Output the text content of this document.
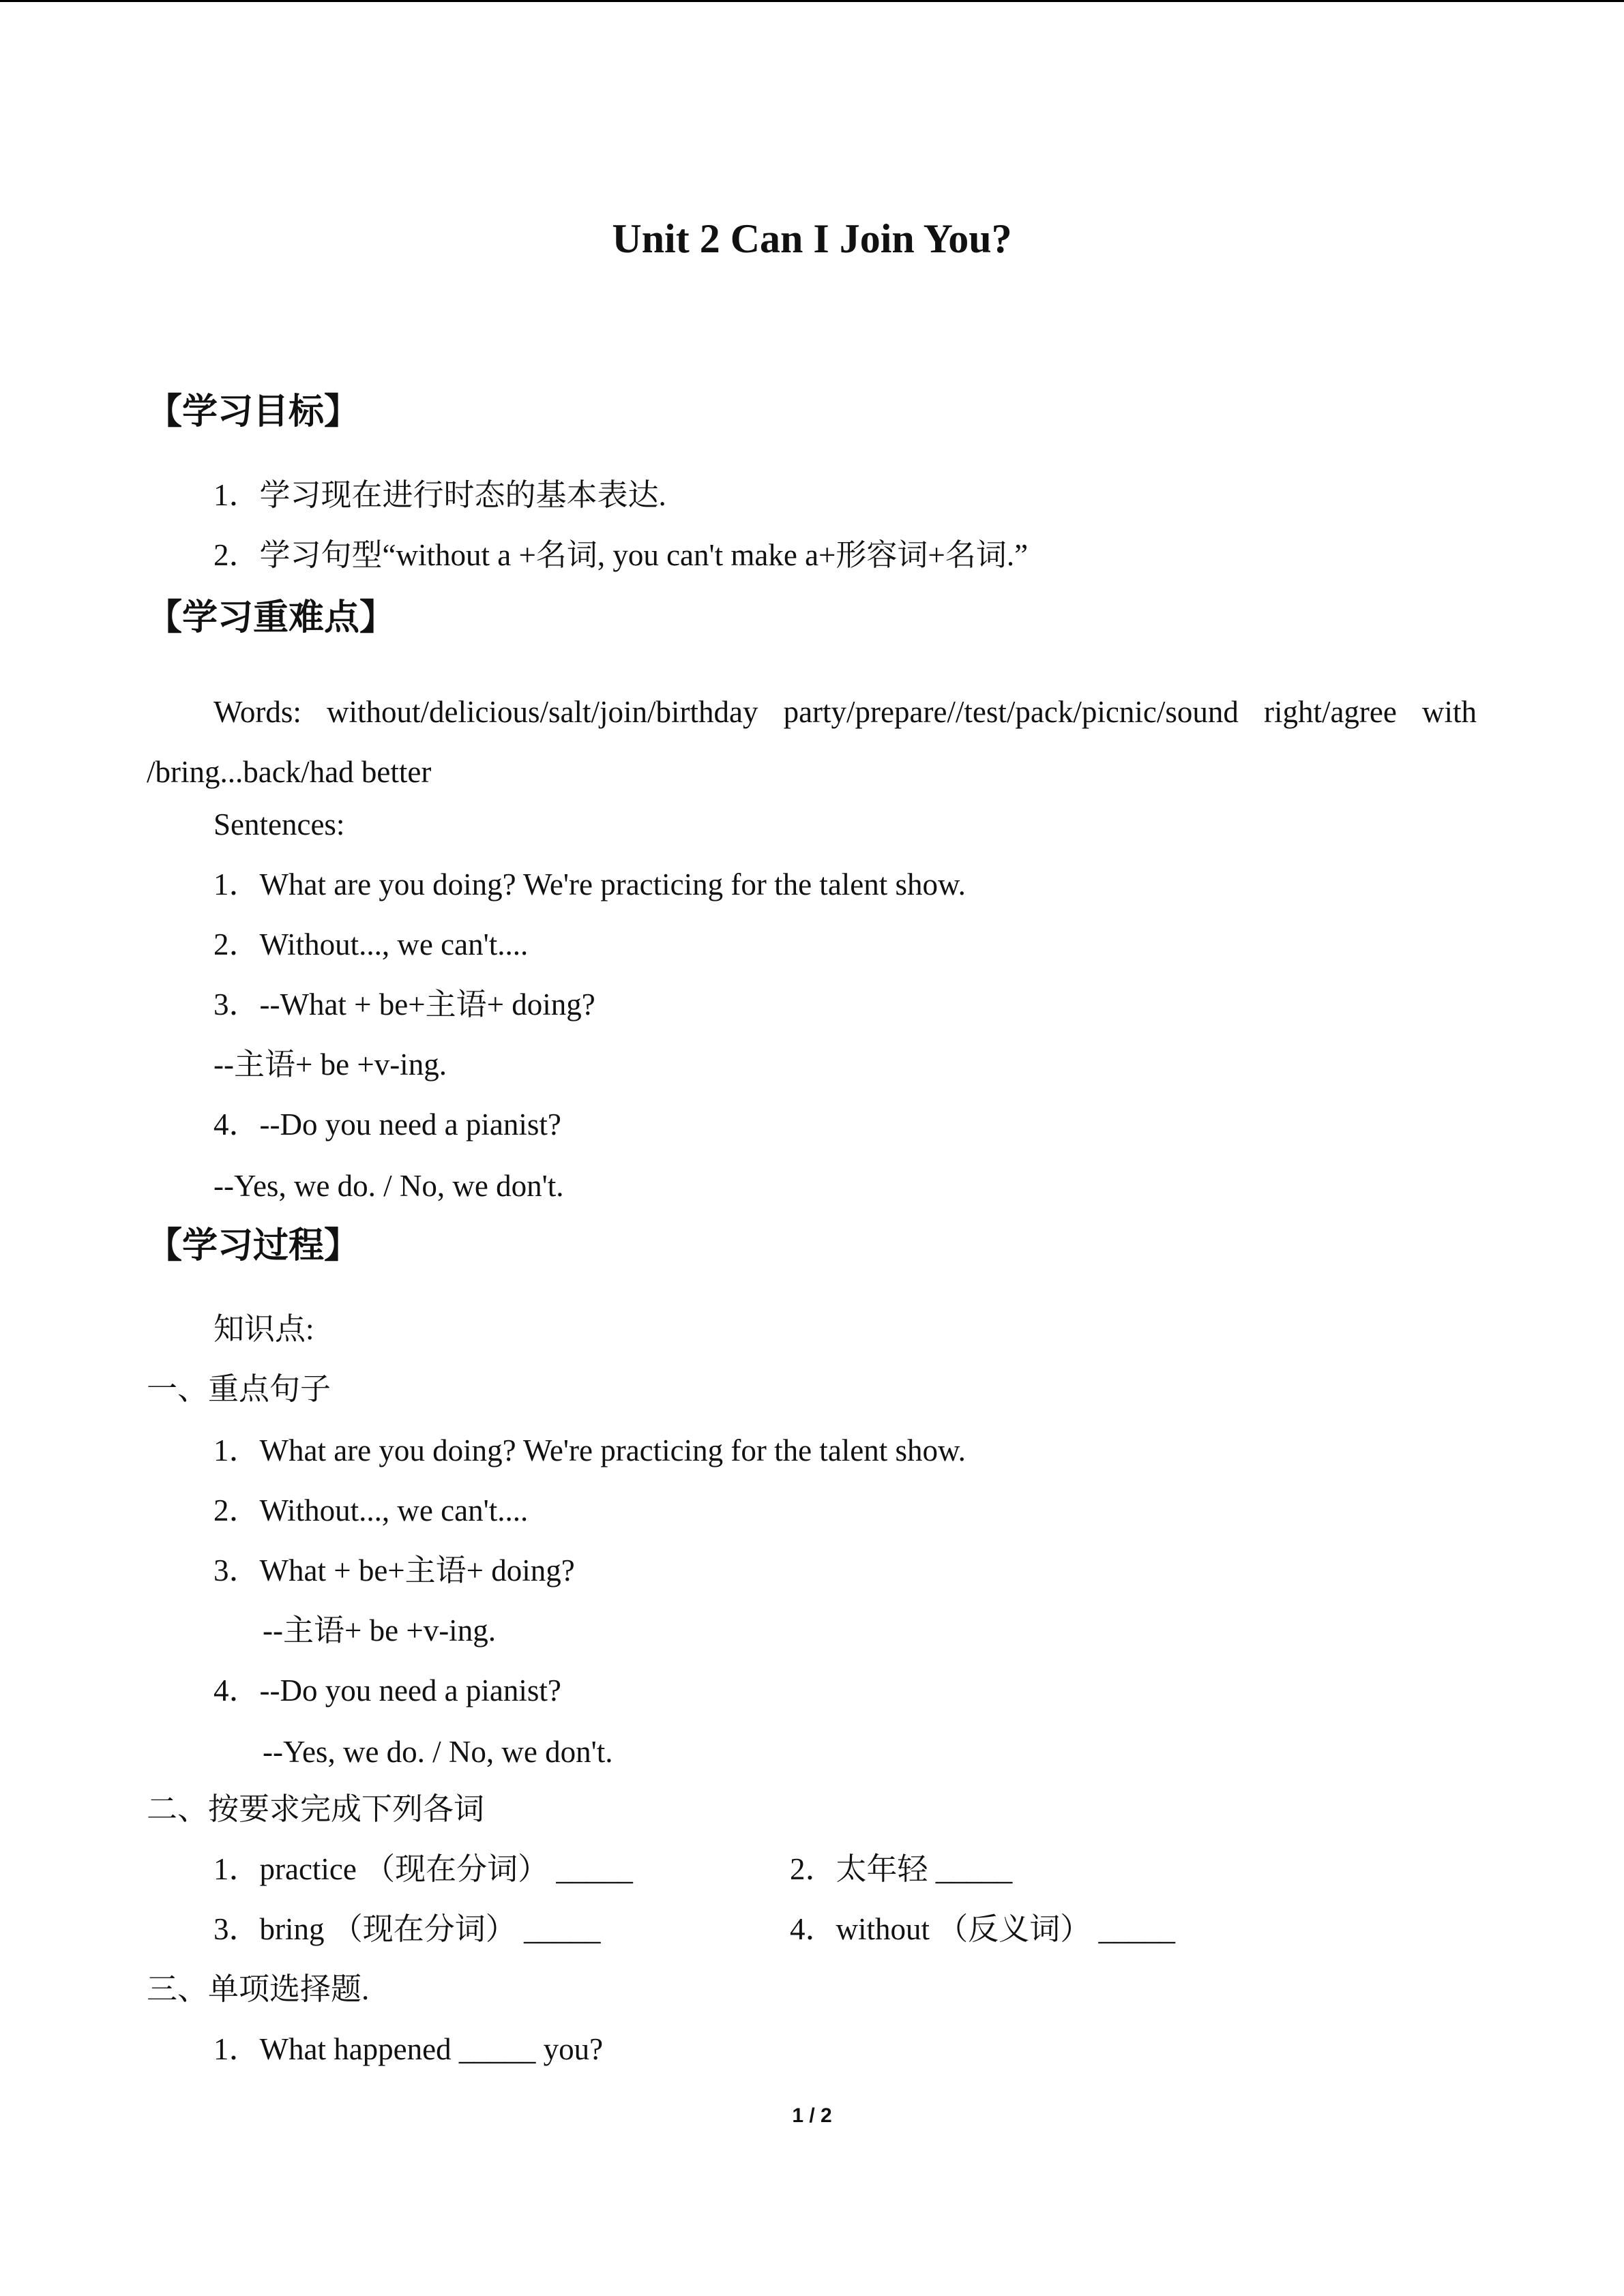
Unit 2 Can I Join You?
【学习目标】
1．学习现在进行时态的基本表达.
2．学习句型“without a +名词, you can't make a+形容词+名词.”
【学习重难点】
Words: without/delicious/salt/join/birthday party/prepare//test/pack/picnic/sound right/agree with /bring...back/had better
Sentences:
1．What are you doing? We're practicing for the talent show.
2．Without..., we can't....
3．--What + be+主语+ doing?
--主语+ be +v-ing.
4．--Do you need a pianist?
--Yes, we do. / No, we don't.
【学习过程】
知识点:
一、重点句子
1．What are you doing? We're practicing for the talent show.
2．Without..., we can't....
3．What + be+主语+ doing?
--主语+ be +v-ing.
4．--Do you need a pianist?
--Yes, we do. / No, we don't.
二、按要求完成下列各词
1．practice （现在分词） _____	2．太年轻 _____
3．bring （现在分词） _____	4．without （反义词） _____
三、单项选择题.
1．What happened _____ you?
1 / 2
